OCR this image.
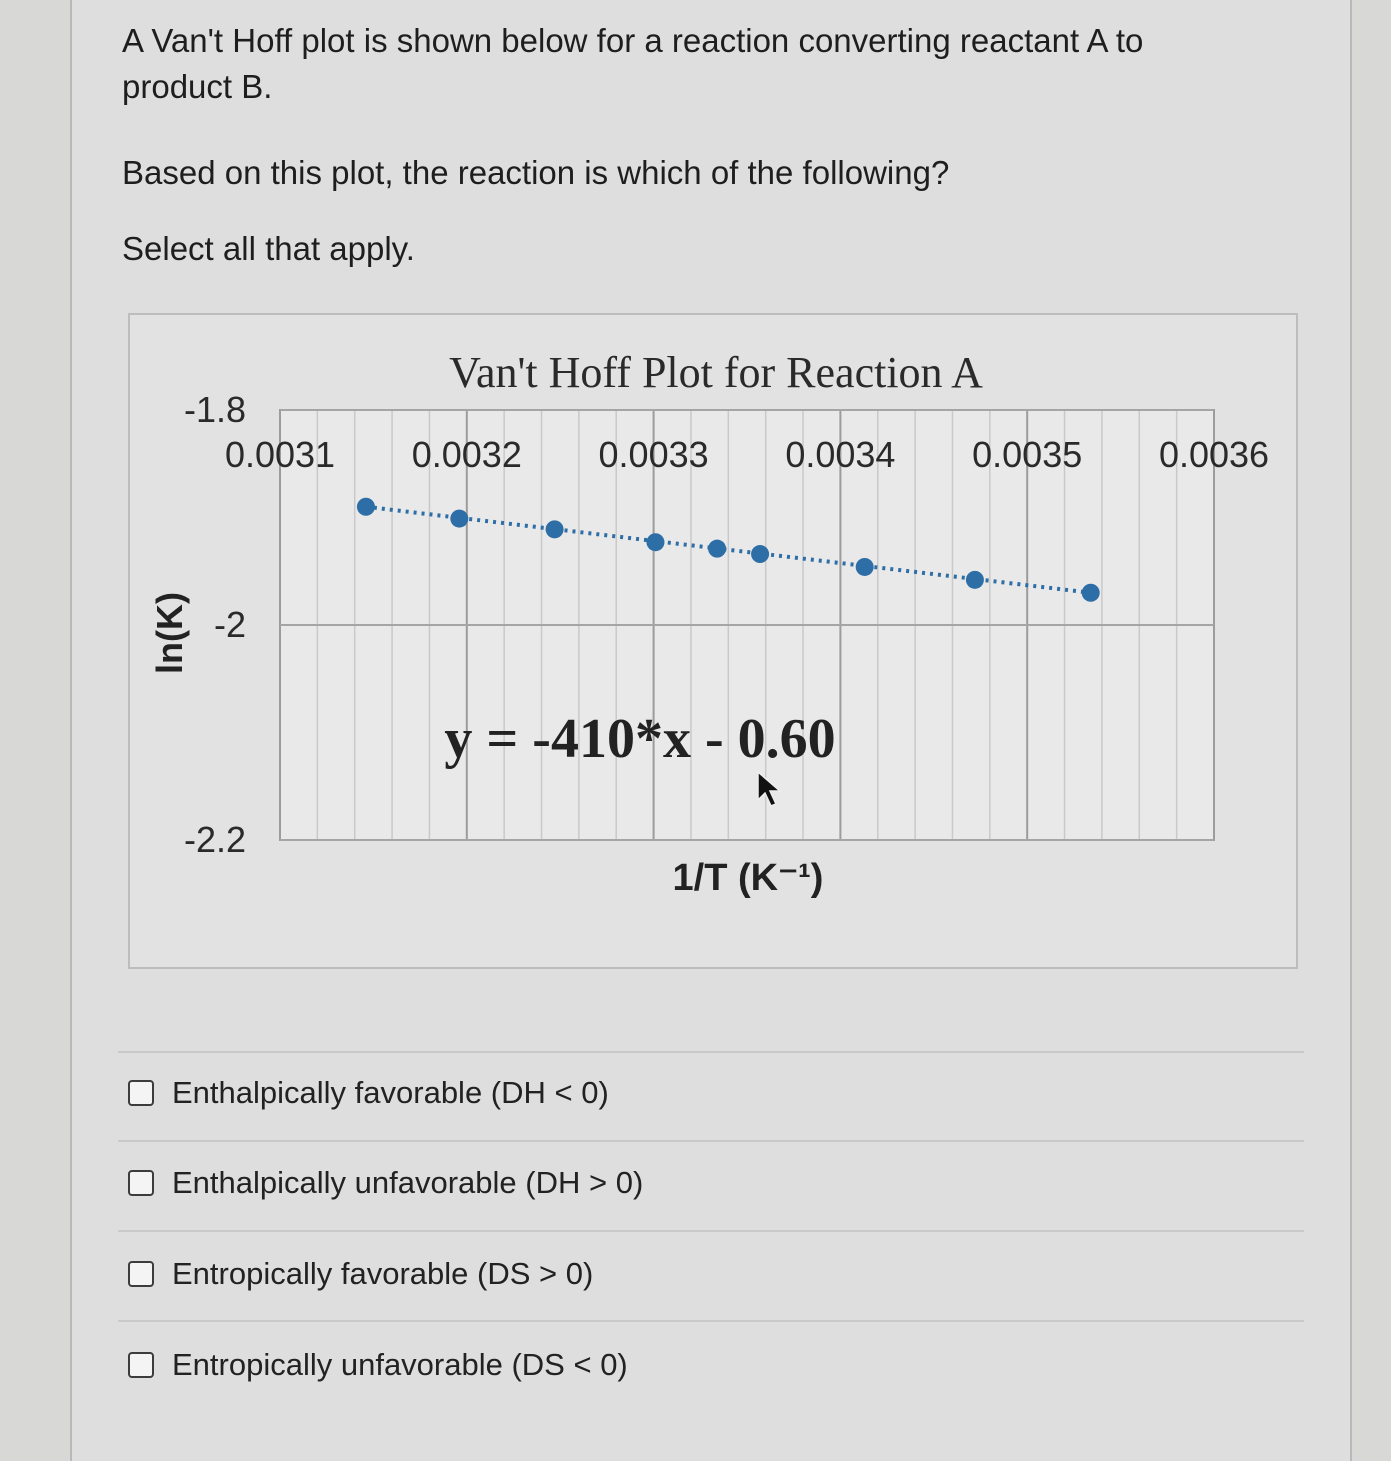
A Van't Hoff plot is shown below for a reaction converting reactant A to product B.
Based on this plot, the reaction is which of the following?
Select all that apply.
0.0031 0.0032 0.0033 0.0034 0.0035 0.0036
-1.8
-2
-2.2
Van't Hoff Plot for Reaction A
ln(K)
1/T (K⁻¹)
y = -410*x - 0.60
Enthalpically favorable (DH < 0)
Enthalpically unfavorable (DH > 0)
Entropically favorable (DS > 0)
Entropically unfavorable (DS < 0)
